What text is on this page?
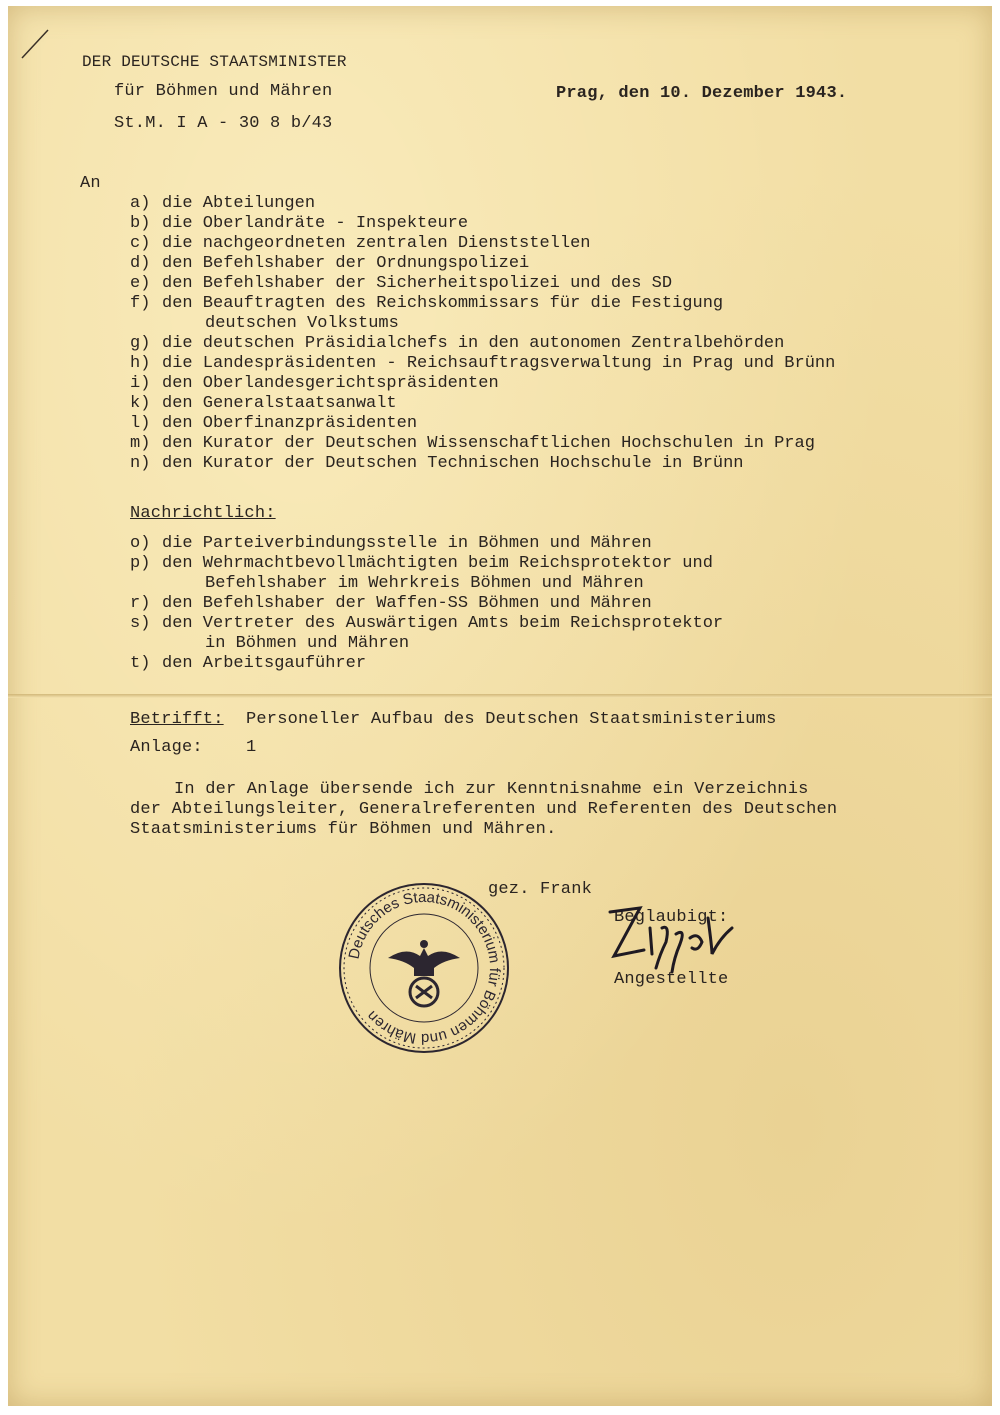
DER DEUTSCHE STAATSMINISTER
für Böhmen und Mähren
St.M. I A - 30 8 b/43
Prag, den 10. Dezember 1943.
An
a) die Abteilungen
b) die Oberlandräte - Inspekteure
c) die nachgeordneten zentralen Dienststellen
d) den Befehlshaber der Ordnungspolizei
e) den Befehlshaber der Sicherheitspolizei und des SD
f) den Beauftragten des Reichskommissars für die Festigung
deutschen Volkstums
g) die deutschen Präsidialchefs in den autonomen Zentralbehörden
h) die Landespräsidenten - Reichsauftragsverwaltung in Prag und Brünn
i) den Oberlandesgerichtspräsidenten
k) den Generalstaatsanwalt
l) den Oberfinanzpräsidenten
m) den Kurator der Deutschen Wissenschaftlichen Hochschulen in Prag
n) den Kurator der Deutschen Technischen Hochschule in Brünn
Nachrichtlich:
o) die Parteiverbindungsstelle in Böhmen und Mähren
p) den Wehrmachtbevollmächtigten beim Reichsprotektor und
Befehlshaber im Wehrkreis Böhmen und Mähren
r) den Befehlshaber der Waffen-SS Böhmen und Mähren
s) den Vertreter des Auswärtigen Amts beim Reichsprotektor
in Böhmen und Mähren
t) den Arbeitsgauführer
Betrifft: Personeller Aufbau des Deutschen Staatsministeriums
Anlage:	1
In der Anlage übersende ich zur Kenntnisnahme ein Verzeichnis
der Abteilungsleiter, Generalreferenten und Referenten des Deutschen
Staatsministeriums für Böhmen und Mähren.
gez. Frank
Beglaubigt:
Angestellte
Deutsches Staatsministerium für Böhmen und Mähren
